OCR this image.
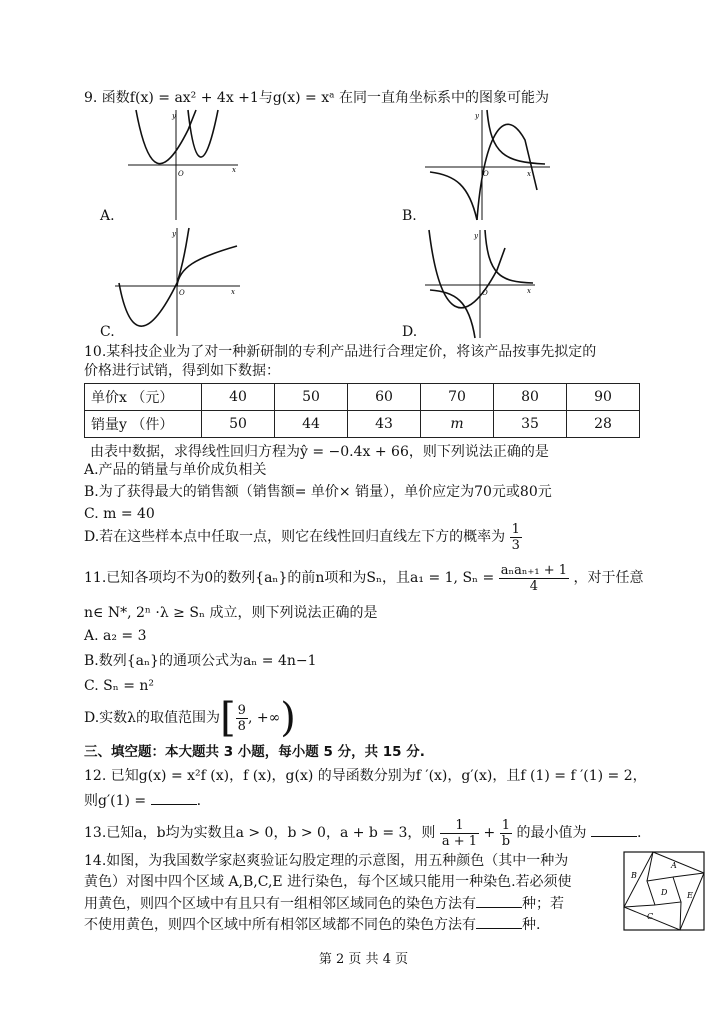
9. 函数f(x) = ax² + 4x +1与g(x) = xᵃ 在同一直角坐标系中的图象可能为
y
O	x
A.
y
O	x
B.
y
O	x
C.
y
O	x
D.
10.某科技企业为了对一种新研制的专利产品进行合理定价，将该产品按事先拟定的
价格进行试销，得到如下数据：
单价x （元）	40	50	60	70	80	90
销量y （件）	50	44	43	m	35	28
由表中数据，求得线性回归方程为ŷ = −0.4x + 66，则下列说法正确的是
A.产品的销量与单价成负相关
B.为了获得最大的销售额（销售额= 单价× 销量），单价应定为70元或80元
C. m = 40
D.若在这些样本点中任取一点，则它在线性回归直线左下方的概率为 $\frac{1}{3}$
11.已知各项均不为0的数列{aₙ}的前n项和为Sₙ，且a₁ = 1, $S_n = \frac{\text{aₙaₙ₊₁ + 1}}{4}$ ，对于任意
n∈ N*, 2ⁿ ·λ ≥ Sₙ 成立，则下列说法正确的是
A. a₂ = 3
B.数列{aₙ}的通项公式为aₙ = 4n−1
C. Sₙ = n²
D.实数λ的取值范围为[ $\frac{9}{8}$ , +∞)
三、填空题：本大题共 3 小题，每小题 5 分，共 15 分.
12. 已知g(x) = x²f (x)，f (x)，g(x) 的导函数分别为f ′(x)，g′(x)，且f (1) = f ′(1) = 2，
则g′(1) =	.
13.已知a，b均为实数且a > 0，b > 0，a + b = 3，则 $\frac{1}{a + 1} + \frac{1}{b}$ 的最小值为	.
14.如图，为我国数学家赵爽验证勾股定理的示意图，用五种颜色（其中一种为
黄色）对图中四个区域 A,B,C,E 进行染色，每个区域只能用一种染色.若必须使
用黄色，则四个区域中有且只有一组相邻区域同色的染色方法有	种；若
不使用黄色，则四个区域中所有相邻区域都不同色的染色方法有	种.
A
B
D E
C
第 2 页 共 4 页
